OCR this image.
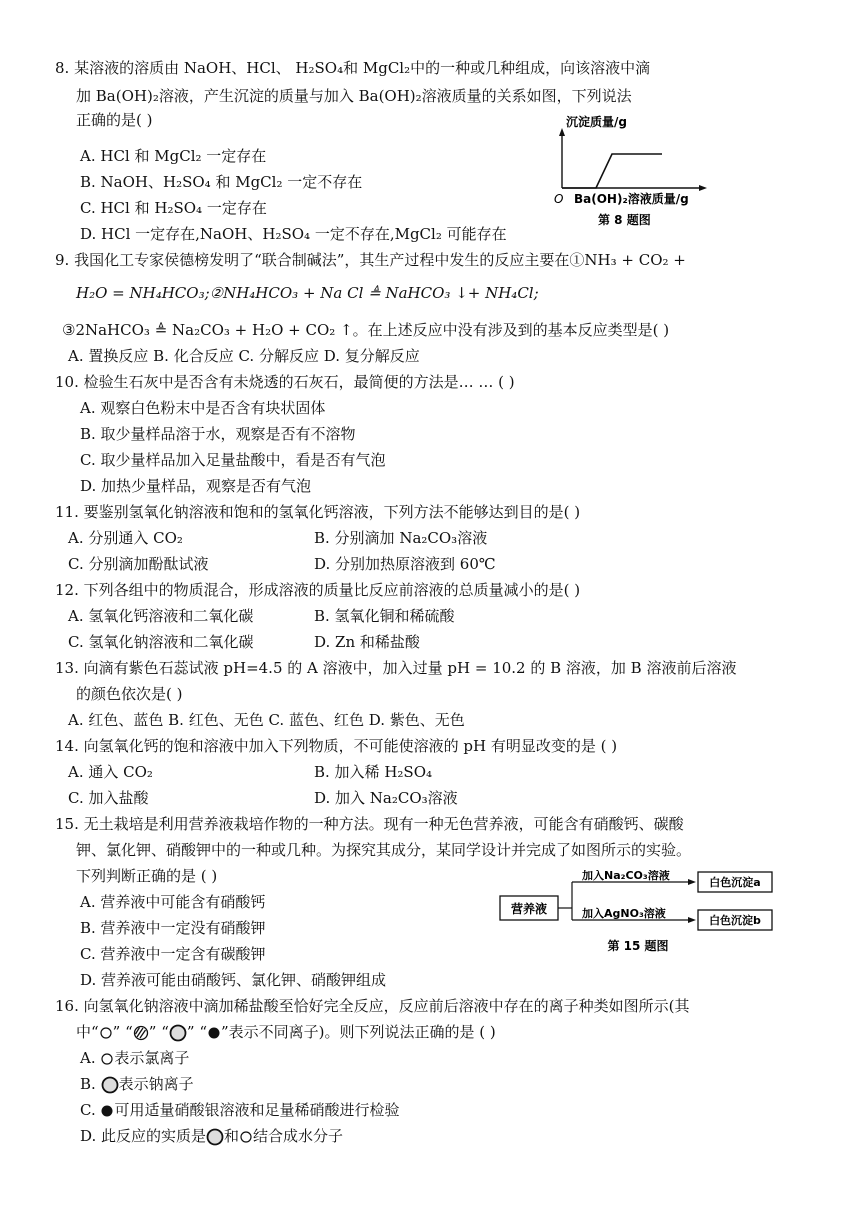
8. 某溶液的溶质由 NaOH、HCl、 H₂SO₄和 MgCl₂中的一种或几种组成，向该溶液中滴
加 Ba(OH)₂溶液，产生沉淀的质量与加入 Ba(OH)₂溶液质量的关系如图，下列说法
正确的是( )
A. HCl 和 MgCl₂ 一定存在
B. NaOH、H₂SO₄ 和 MgCl₂ 一定不存在
C. HCl 和 H₂SO₄ 一定存在
D. HCl 一定存在,NaOH、H₂SO₄ 一定不存在,MgCl₂ 可能存在
沉淀质量/g
O Ba(OH)₂溶液质量/g
第 8 题图
9. 我国化工专家侯德榜发明了“联合制碱法”，其生产过程中发生的反应主要在①NH₃ + CO₂ +
H₂O = NH₄HCO₃;②NH₄HCO₃ + Na Cl ≜ NaHCO₃ ↓+ NH₄Cl;
③2NaHCO₃ ≜ Na₂CO₃ + H₂O + CO₂ ↑。在上述反应中没有涉及到的基本反应类型是( )
A. 置换反应 B. 化合反应 C. 分解反应 D. 复分解反应
10. 检验生石灰中是否含有未烧透的石灰石，最简便的方法是… … ( )
A. 观察白色粉末中是否含有块状固体
B. 取少量样品溶于水，观察是否有不溶物
C. 取少量样品加入足量盐酸中，看是否有气泡
D. 加热少量样品，观察是否有气泡
11. 要鉴别氢氧化钠溶液和饱和的氢氧化钙溶液，下列方法不能够达到目的是( )
A. 分别通入 CO₂	B. 分别滴加 Na₂CO₃溶液
C. 分别滴加酚酞试液	D. 分别加热原溶液到 60℃
12. 下列各组中的物质混合，形成溶液的质量比反应前溶液的总质量减小的是( )
A. 氢氧化钙溶液和二氧化碳	B. 氢氧化铜和稀硫酸
C. 氢氧化钠溶液和二氧化碳	D. Zn 和稀盐酸
13. 向滴有紫色石蕊试液 pH=4.5 的 A 溶液中，加入过量 pH = 10.2 的 B 溶液，加 B 溶液前后溶液
的颜色依次是( )
A. 红色、蓝色 B. 红色、无色 C. 蓝色、红色 D. 紫色、无色
14. 向氢氧化钙的饱和溶液中加入下列物质，不可能使溶液的 pH 有明显改变的是 ( )
A. 通入 CO₂	B. 加入稀 H₂SO₄
C. 加入盐酸	D. 加入 Na₂CO₃溶液
15. 无土栽培是利用营养液栽培作物的一种方法。现有一种无色营养液，可能含有硝酸钙、碳酸
钾、氯化钾、硝酸钾中的一种或几种。为探究其成分，某同学设计并完成了如图所示的实验。
下列判断正确的是 ( )
A. 营养液中可能含有硝酸钙
B. 营养液中一定没有硝酸钾
C. 营养液中一定含有碳酸钾
D. 营养液可能由硝酸钙、氯化钾、硝酸钾组成
营养液
加入Na₂CO₃溶液
加入AgNO₃溶液
白色沉淀a
白色沉淀b
第 15 题图
16. 向氢氧化钠溶液中滴加稀盐酸至恰好完全反应，反应前后溶液中存在的离子种类如图所示(其
中“ ” “ ” “ ” “ ”表示不同离子)。则下列说法正确的是 ( )
A. 表示氯离子
B. 表示钠离子
C. 可用适量硝酸银溶液和足量稀硝酸进行检验
D. 此反应的实质是 和 结合成水分子
